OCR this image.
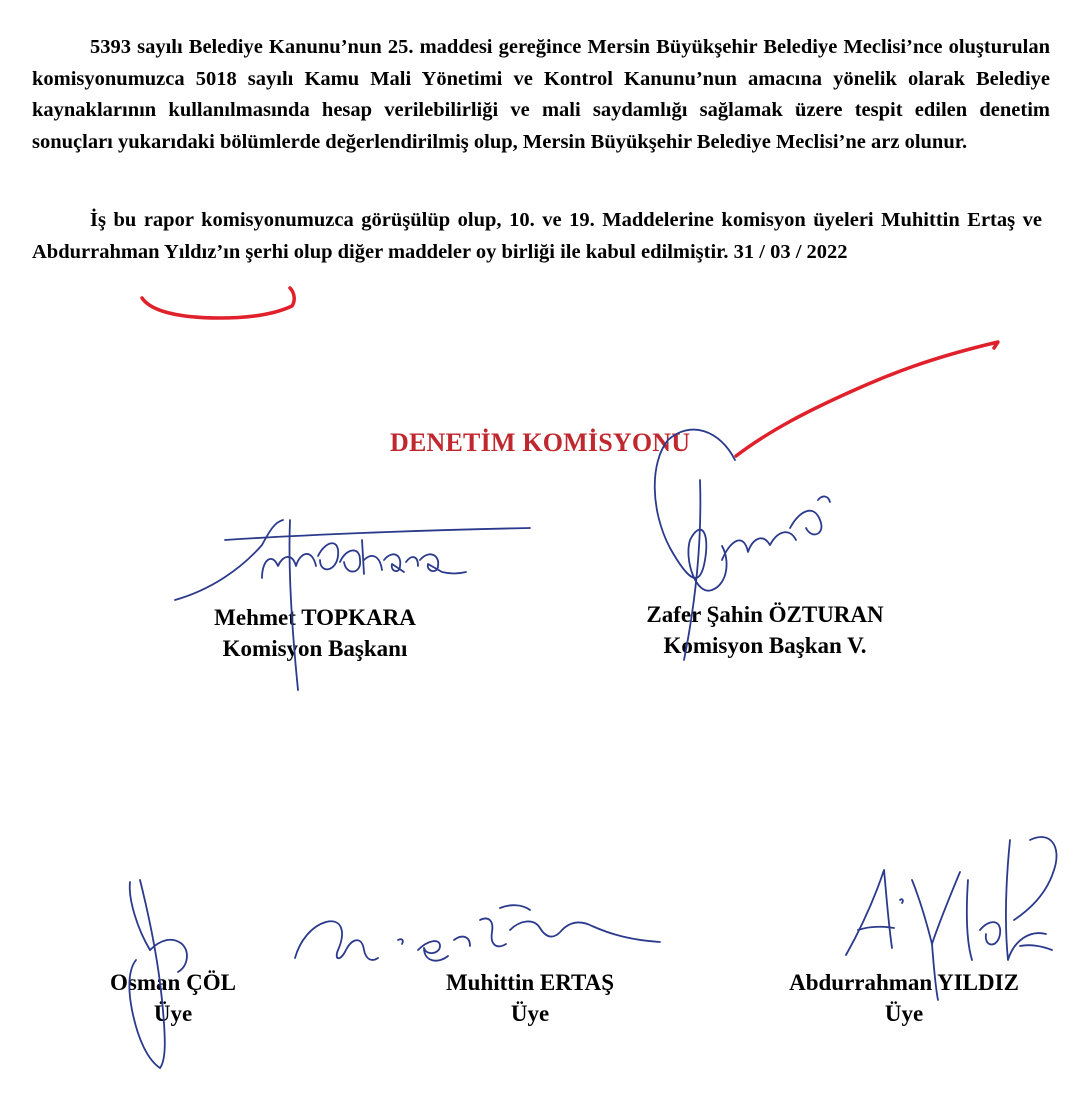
5393 sayılı Belediye Kanunu’nun 25. maddesi gereğince Mersin Büyükşehir Belediye Meclisi’nce oluşturulan komisyonumuzca 5018 sayılı Kamu Mali Yönetimi ve Kontrol Kanunu’nun amacına yönelik olarak Belediye kaynaklarının kullanılmasında hesap verilebilirliği ve mali saydamlığı sağlamak üzere tespit edilen denetim sonuçları yukarıdaki bölümlerde değerlendirilmiş olup, Mersin Büyükşehir Belediye Meclisi’ne arz olunur.
İş bu rapor komisyonumuzca görüşülüp olup, 10. ve 19. Maddelerine komisyon üyeleri Muhittin Ertaş ve Abdurrahman Yıldız’ın şerhi olup diğer maddeler oy birliği ile kabul edilmiştir. 31 / 03 / 2022
DENETİM KOMİSYONU
Mehmet TOPKARA
Komisyon Başkanı
Zafer Şahin ÖZTURAN
Komisyon Başkan V.
Osman ÇÖL
Üye
Muhittin ERTAŞ
Üye
Abdurrahman YILDIZ
Üye
